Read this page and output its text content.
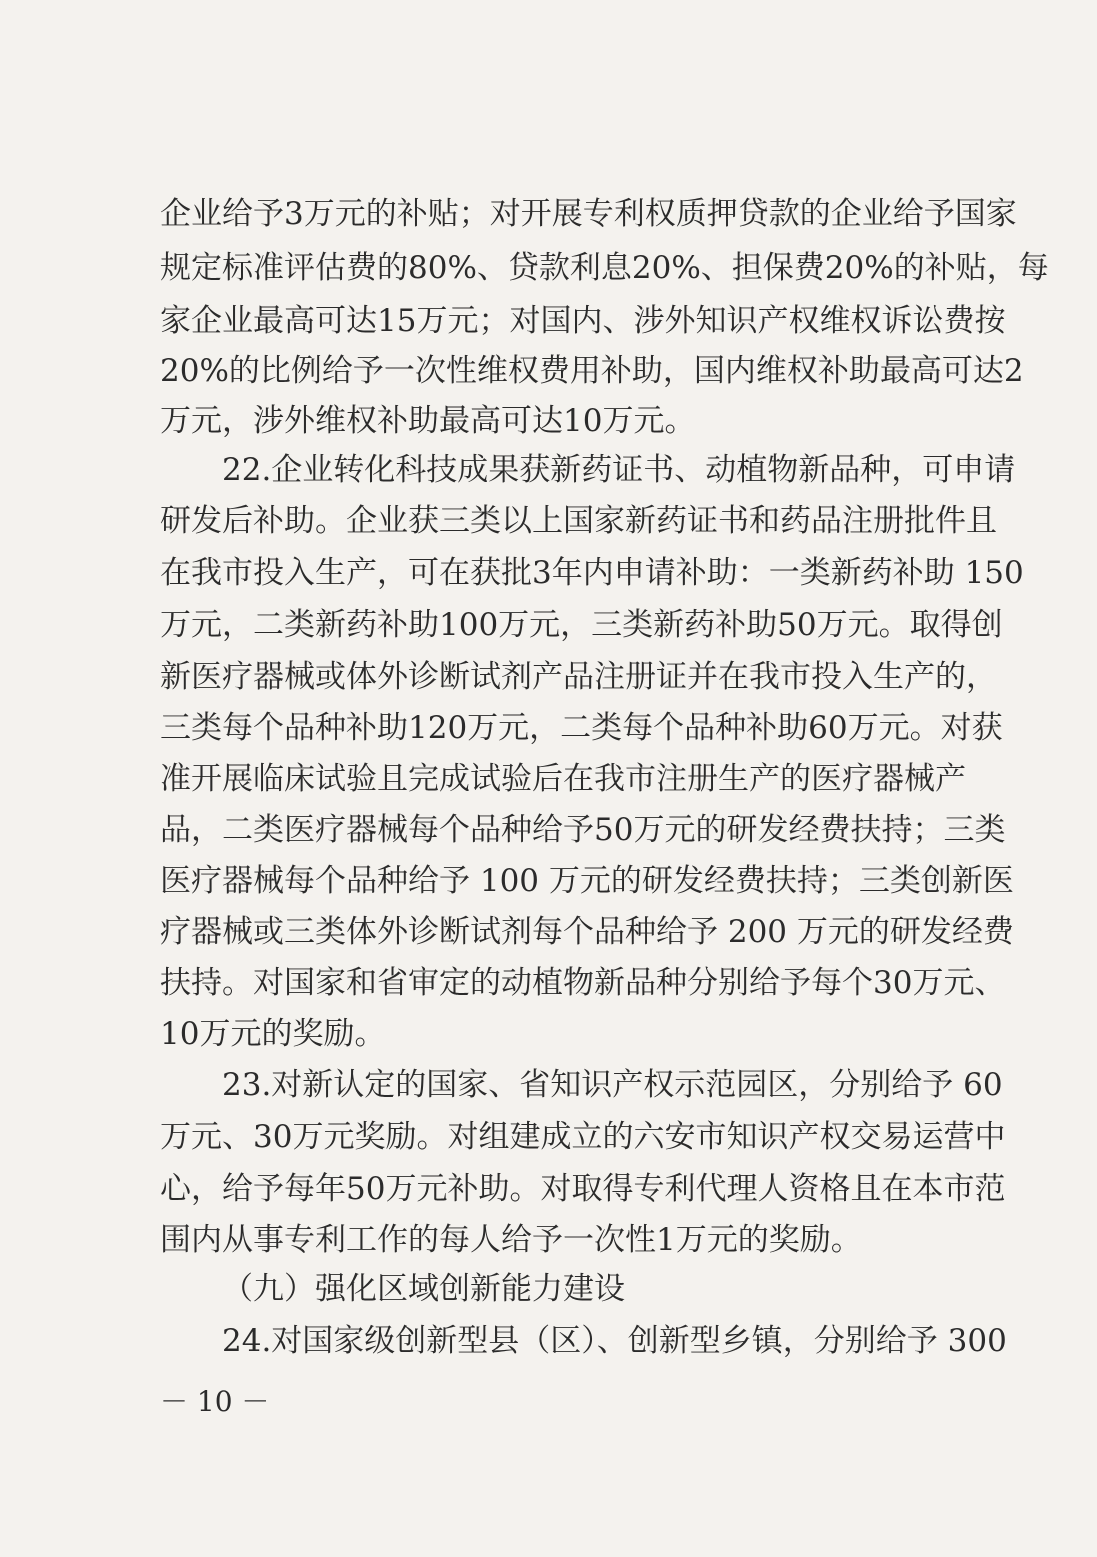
企业给予3万元的补贴；对开展专利权质押贷款的企业给予国家
规定标准评估费的80%、贷款利息20%、担保费20%的补贴，每
家企业最高可达15万元；对国内、涉外知识产权维权诉讼费按
20%的比例给予一次性维权费用补助，国内维权补助最高可达2
万元，涉外维权补助最高可达10万元。
22.企业转化科技成果获新药证书、动植物新品种，可申请
研发后补助。企业获三类以上国家新药证书和药品注册批件且
在我市投入生产，可在获批3年内申请补助：一类新药补助 150
万元，二类新药补助100万元，三类新药补助50万元。取得创
新医疗器械或体外诊断试剂产品注册证并在我市投入生产的，
三类每个品种补助120万元，二类每个品种补助60万元。对获
准开展临床试验且完成试验后在我市注册生产的医疗器械产
品，二类医疗器械每个品种给予50万元的研发经费扶持；三类
医疗器械每个品种给予 100 万元的研发经费扶持；三类创新医
疗器械或三类体外诊断试剂每个品种给予 200 万元的研发经费
扶持。对国家和省审定的动植物新品种分别给予每个30万元、
10万元的奖励。
23.对新认定的国家、省知识产权示范园区，分别给予 60
万元、30万元奖励。对组建成立的六安市知识产权交易运营中
心，给予每年50万元补助。对取得专利代理人资格且在本市范
围内从事专利工作的每人给予一次性1万元的奖励。
（九）强化区域创新能力建设
24.对国家级创新型县（区）、创新型乡镇，分别给予 300
－ 10 －
